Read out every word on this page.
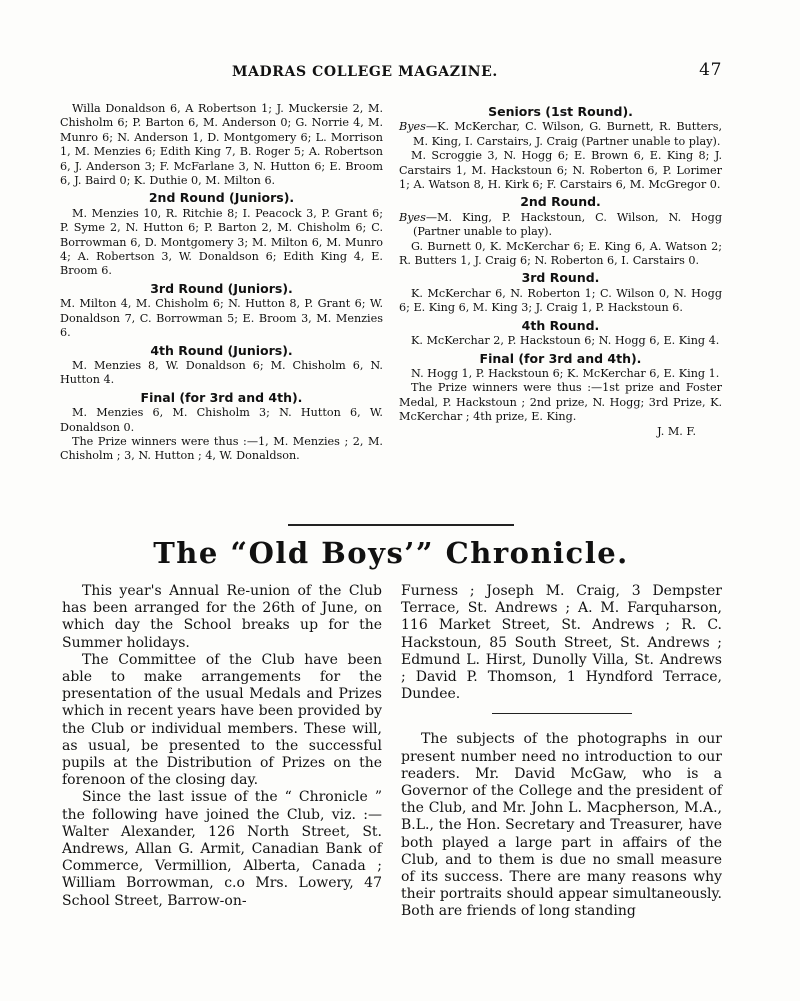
MADRAS COLLEGE MAGAZINE.	47

Willa Donaldson 6, A Robertson 1; J. Muckersie 2, M. Chisholm 6; P. Barton 6, M. Anderson 0; G. Norrie 4, M. Munro 6; N. Anderson 1, D. Montgomery 6; L. Morrison 1, M. Menzies 6; Edith King 7, B. Roger 5; A. Robertson 6, J. Anderson 3; F. McFarlane 3, N. Hutton 6; E. Broom 6, J. Baird 0; K. Duthie 0, M. Milton 6.

2nd Round (Juniors).

M. Menzies 10, R. Ritchie 8; I. Peacock 3, P. Grant 6; P. Syme 2, N. Hutton 6; P. Barton 2, M. Chisholm 6; C. Borrowman 6, D. Montgomery 3; M. Milton 6, M. Munro 4; A. Robertson 3, W. Donaldson 6; Edith King 4, E. Broom 6.

3rd Round (Juniors).

M. Milton 4, M. Chisholm 6; N. Hutton 8, P. Grant 6; W. Donaldson 7, C. Borrowman 5; E. Broom 3, M. Menzies 6.

4th Round (Juniors).

M. Menzies 8, W. Donaldson 6; M. Chisholm 6, N. Hutton 4.

Final (for 3rd and 4th).

M. Menzies 6, M. Chisholm 3; N. Hutton 6, W. Donaldson 0.

The Prize winners were thus :—1, M. Menzies ; 2, M. Chisholm ; 3, N. Hutton ; 4, W. Donaldson.

Seniors (1st Round).

Byes—K. McKerchar, C. Wilson, G. Burnett, R. Butters, M. King, I. Carstairs, J. Craig (Partner unable to play).

M. Scroggie 3, N. Hogg 6; E. Brown 6, E. King 8; J. Carstairs 1, M. Hackstoun 6; N. Roberton 6, P. Lorimer 1; A. Watson 8, H. Kirk 6; F. Carstairs 6, M. McGregor 0.

2nd Round.

Byes—M. King, P. Hackstoun, C. Wilson, N. Hogg (Partner unable to play).

G. Burnett 0, K. McKerchar 6; E. King 6, A. Watson 2; R. Butters 1, J. Craig 6; N. Roberton 6, I. Carstairs 0.

3rd Round.

K. McKerchar 6, N. Roberton 1; C. Wilson 0, N. Hogg 6; E. King 6, M. King 3; J. Craig 1, P. Hackstoun 6.

4th Round.

K. McKerchar 2, P. Hackstoun 6; N. Hogg 6, E. King 4.

Final (for 3rd and 4th).

N. Hogg 1, P. Hackstoun 6; K. McKerchar 6, E. King 1.

The Prize winners were thus :—1st prize and Foster Medal, P. Hackstoun ; 2nd prize, N. Hogg; 3rd Prize, K. McKerchar ; 4th prize, E. King.

J. M. F.

The “Old Boys’” Chronicle.

This year's Annual Re-union of the Club has been arranged for the 26th of June, on which day the School breaks up for the Summer holidays.

The Committee of the Club have been able to make arrangements for the presentation of the usual Medals and Prizes which in recent years have been provided by the Club or individual members. These will, as usual, be presented to the successful pupils at the Distribution of Prizes on the forenoon of the closing day.

Since the last issue of the “ Chronicle ” the following have joined the Club, viz. :— Walter Alexander, 126 North Street, St. Andrews, Allan G. Armit, Canadian Bank of Commerce, Vermillion, Alberta, Canada ; William Borrowman, c.o Mrs. Lowery, 47 School Street, Barrow-on-

Furness ; Joseph M. Craig, 3 Dempster Terrace, St. Andrews ; A. M. Farquharson, 116 Market Street, St. Andrews ; R. C. Hackstoun, 85 South Street, St. Andrews ; Edmund L. Hirst, Dunolly Villa, St. Andrews ; David P. Thomson, 1 Hyndford Terrace, Dundee.

The subjects of the photographs in our present number need no introduction to our readers. Mr. David McGaw, who is a Governor of the College and the president of the Club, and Mr. John L. Macpherson, M.A., B.L., the Hon. Secretary and Treasurer, have both played a large part in affairs of the Club, and to them is due no small measure of its success. There are many reasons why their portraits should appear simultaneously. Both are friends of long standing
